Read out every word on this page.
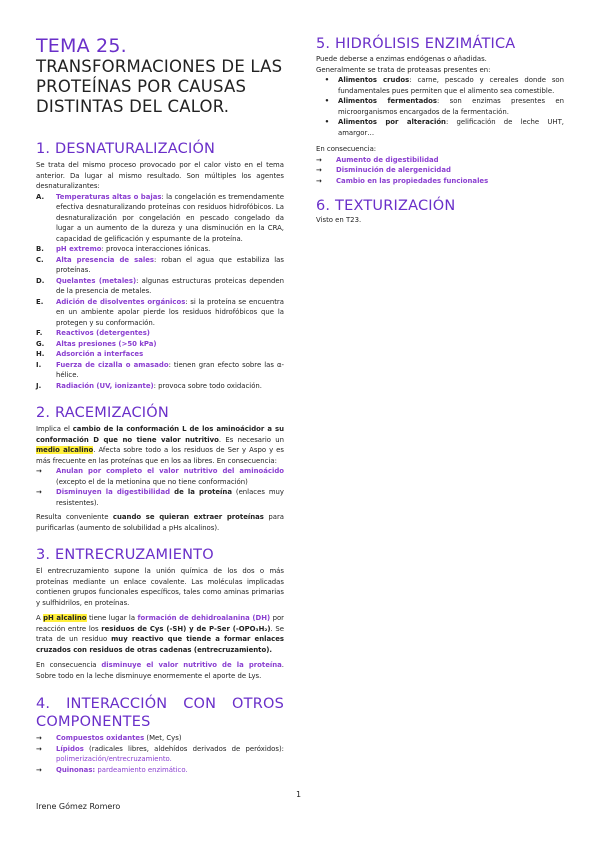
TEMA 25. TRANSFORMACIONES DE LAS PROTEÍNAS POR CAUSAS DISTINTAS DEL CALOR.

1. DESNATURALIZACIÓN

Se trata del mismo proceso provocado por el calor visto en el tema anterior. Da lugar al mismo resultado. Son múltiples los agentes desnaturalizantes:

A.	Temperaturas altas o bajas: la congelación es tremendamente efectiva desnaturalizando proteínas con residuos hidrofóbicos. La desnaturalización por congelación en pescado congelado da lugar a un aumento de la dureza y una disminución en la CRA, capacidad de gelificación y espumante de la proteína.
B.	pH extremo: provoca interacciones iónicas.
C.	Alta presencia de sales: roban el agua que estabiliza las proteínas.
D.	Quelantes (metales): algunas estructuras proteicas dependen de la presencia de metales.
E.	Adición de disolventes orgánicos: si la proteína se encuentra en un ambiente apolar pierde los residuos hidrofóbicos que la protegen y su conformación.
F.	Reactivos (detergentes)
G.	Altas presiones (>50 kPa)
H.	Adsorción a interfaces
I.	Fuerza de cizalla o amasado: tienen gran efecto sobre las α-hélice.
J.	Radiación (UV, ionizante): provoca sobre todo oxidación.
2. RACEMIZACIÓN

Implica el cambio de la conformación L de los aminoácidor a su conformación D que no tiene valor nutritivo. Es necesario un medio alcalino. Afecta sobre todo a los residuos de Ser y Aspo y es más frecuente en las proteínas que en los aa libres. En consecuencia:

→	Anulan por completo el valor nutritivo del aminoácido (excepto el de la metionina que no tiene conformación)
→	Disminuyen la digestibilidad de la proteína (enlaces muy resistentes).

Resulta conveniente cuando se quieran extraer proteínas para purificarlas (aumento de solubilidad a pHs alcalinos).

3. ENTRECRUZAMIENTO

El entrecruzamiento supone la unión química de los dos o más proteínas mediante un enlace covalente. Las moléculas implicadas contienen grupos funcionales específicos, tales como aminas primarias y sulfhidrilos, en proteínas.

A pH alcalino tiene lugar la formación de dehidroalanina (DH) por reacción entre los residuos de Cys (-SH) y de P-Ser (-OPO₃H₂). Se trata de un residuo muy reactivo que tiende a formar enlaces cruzados con residuos de otras cadenas (entrecruzamiento).

En consecuencia disminuye el valor nutritivo de la proteína. Sobre todo en la leche disminuye enormemente el aporte de Lys.

4. INTERACCIÓN CON OTROS COMPONENTES
→	Compuestos oxidantes (Met, Cys)
→	Lípidos (radicales libres, aldehídos derivados de peróxidos): polimerización/entrecruzamiento.
→	Quinonas: pardeamiento enzimático.
5. HIDRÓLISIS ENZIMÁTICA

Puede deberse a enzimas endógenas o añadidas.

Generalmente se trata de proteasas presentes en:

•	Alimentos crudos: carne, pescado y cereales donde son fundamentales pues permiten que el alimento sea comestible.
•	Alimentos fermentados: son enzimas presentes en microorganismos encargados de la fermentación.
•	Alimentos por alteración: gelificación de leche UHT, amargor…

En consecuencia:

→	Aumento de digestibilidad
→	Disminución de alergenicidad
→	Cambio en las propiedades funcionales
6. TEXTURIZACIÓN

Visto en T23.

1
Irene Gómez Romero
